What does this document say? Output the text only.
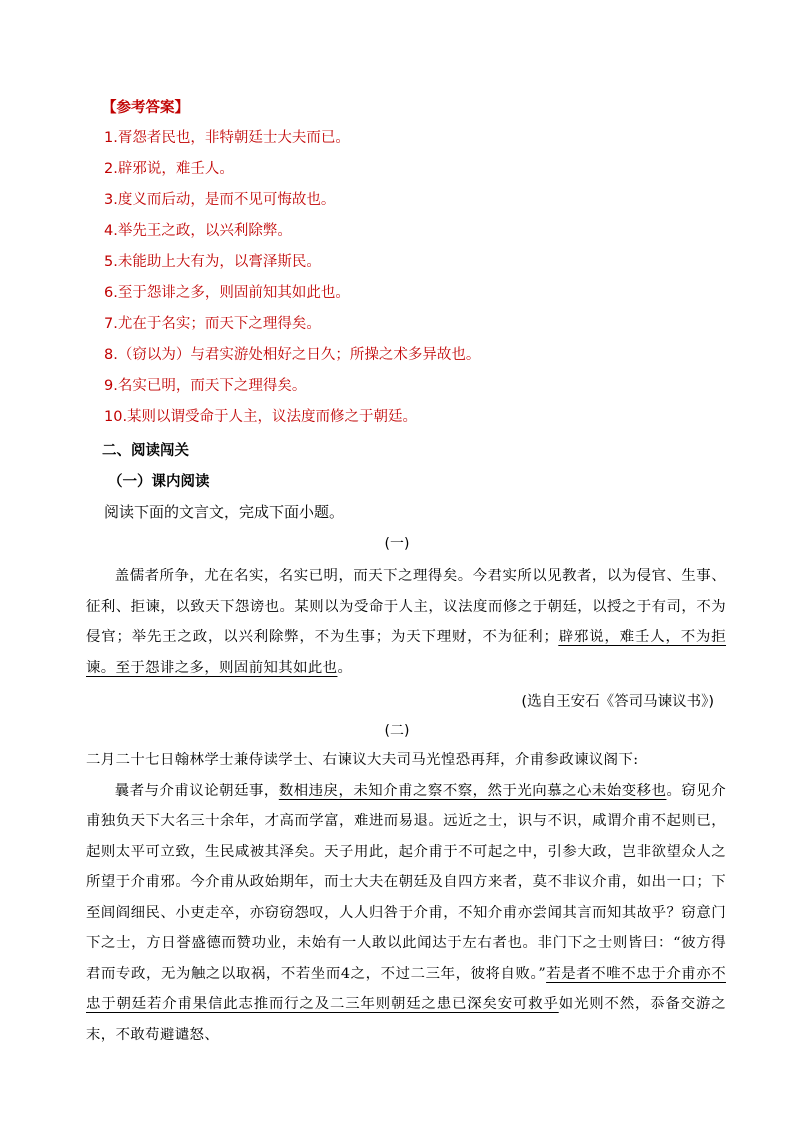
【参考答案】
1.胥怨者民也，非特朝廷士大夫而已。
2.辟邪说，难壬人。
3.度义而后动，是而不见可悔故也。
4.举先王之政，以兴利除弊。
5.未能助上大有为，以膏泽斯民。
6.至于怨诽之多，则固前知其如此也。
7.尤在于名实；而天下之理得矣。
8.（窃以为）与君实游处相好之日久；所操之术多异故也。
9.名实已明，而天下之理得矣。
10.某则以谓受命于人主，议法度而修之于朝廷。
二、阅读闯关
（一）课内阅读
阅读下面的文言文，完成下面小题。
(一)

盖儒者所争，尤在名实，名实已明，而天下之理得矣。今君实所以见教者，以为侵官、生事、征利、拒谏，以致天下怨谤也。某则以为受命于人主，议法度而修之于朝廷，以授之于有司，不为侵官；举先王之政，以兴利除弊，不为生事；为天下理财，不为征利；辟邪说，难壬人，不为拒谏。至于怨诽之多，则固前知其如此也。

(选自王安石《答司马谏议书》)
(二)

二月二十七日翰林学士兼侍读学士、右谏议大夫司马光惶恐再拜，介甫参政谏议阁下:

曩者与介甫议论朝廷事，数相违戾，未知介甫之察不察，然于光向慕之心未始变移也。窃见介甫独负天下大名三十余年，才高而学富，难进而易退。远近之士，识与不识，咸谓介甫不起则已，起则太平可立致，生民咸被其泽矣。天子用此，起介甫于不可起之中，引参大政，岂非欲望众人之所望于介甫邪。今介甫从政始期年，而士大夫在朝廷及自四方来者，莫不非议介甫，如出一口；下至闾阎细民、小吏走卒，亦窃窃怨叹，人人归咎于介甫，不知介甫亦尝闻其言而知其故乎？窃意门下之士，方日誉盛德而赞功业，未始有一人敢以此闻达于左右者也。非门下之士则皆曰：“彼方得君而专政，无为触之以取祸，不若坐而4之，不过二三年，彼将自败。”若是者不唯不忠于介甫亦不忠于朝廷若介甫果信此志推而行之及二三年则朝廷之患已深矣安可救乎如光则不然，忝备交游之末，不敢苟避谴怒、
